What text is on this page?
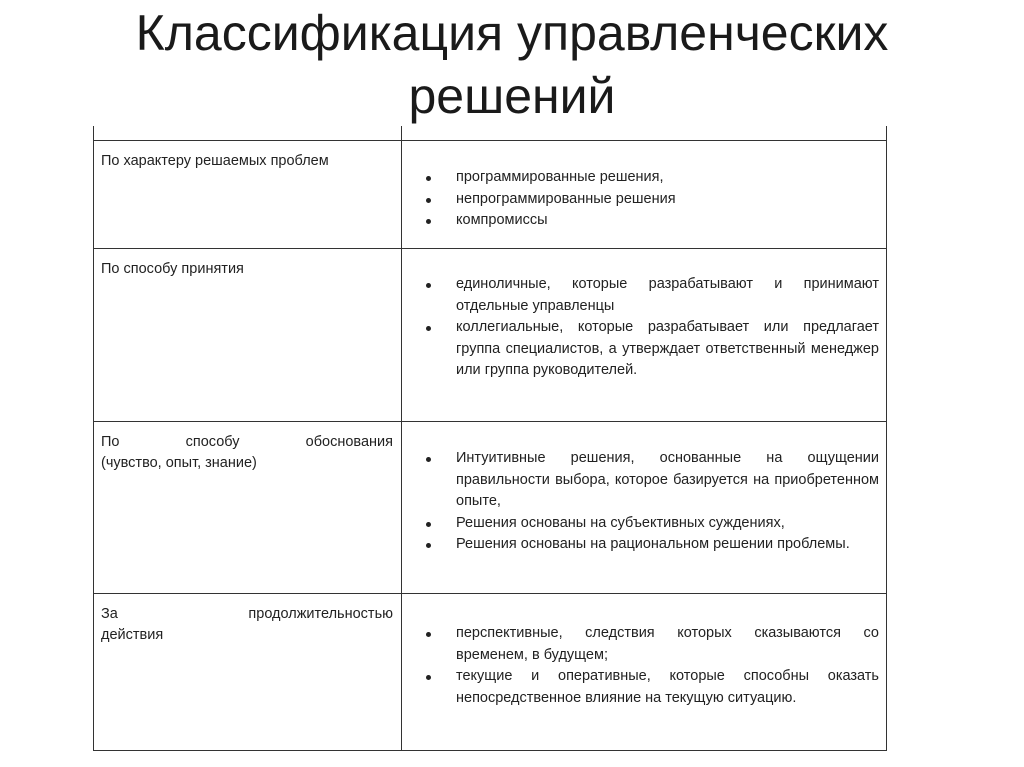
Классификация управленческих
решений
По характеру решаемых проблем
программированные решения,
непрограммированные решения
компромиссы
По способу принятия
единоличные, которые разрабатывают и принимают отдельные управленцы
коллегиальные, которые разрабатывает или предлагает группа специалистов, а утверждает ответственный менеджер или группа руководителей.
По способу обоснования
(чувство, опыт, знание)	Интуитивные решения, основанные на ощущении правильности выбора, которое базируется на приобретенном опыте,
Решения основаны на субъективных суждениях,
Решения основаны на рациональном решении проблемы.
За продолжительностью
действия	перспективные, следствия которых сказываются со временем, в будущем;
текущие и оперативные, которые способны оказать непосредственное влияние на текущую ситуацию.
